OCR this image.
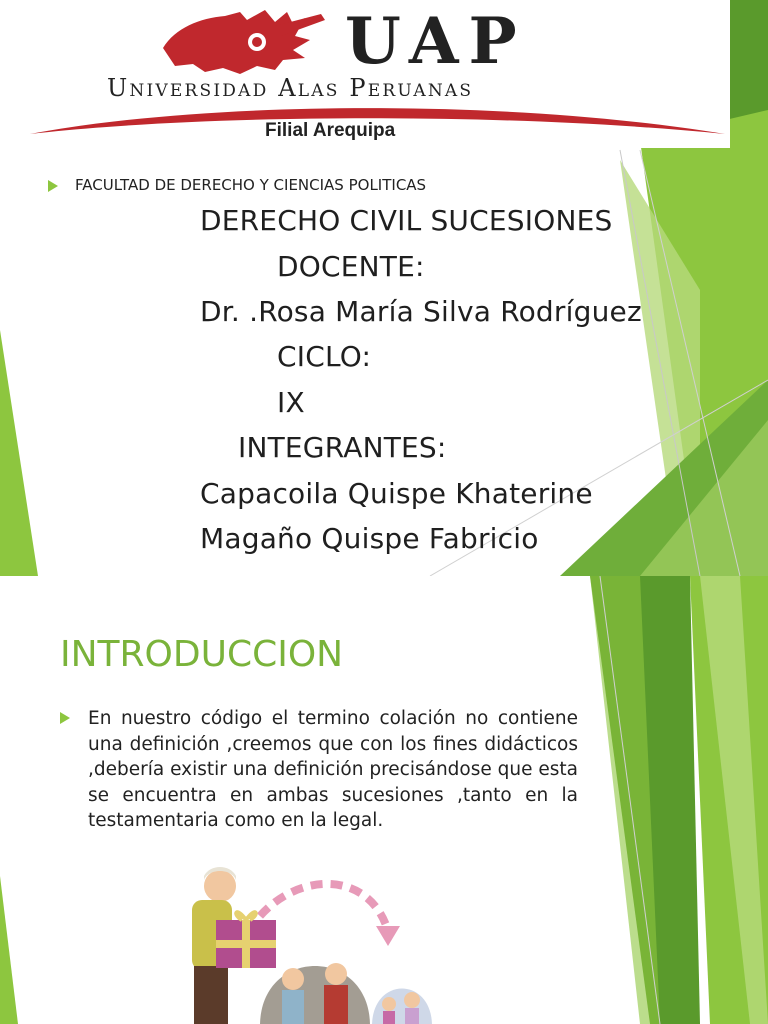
UAP
Universidad Alas Peruanas
Filial Arequipa
FACULTAD DE DERECHO Y CIENCIAS POLITICAS
DERECHO CIVIL SUCESIONES
DOCENTE:
Dr. .Rosa María Silva Rodríguez
CICLO:
IX
INTEGRANTES:
Capacoila Quispe Khaterine
Magaño Quispe Fabricio
INTRODUCCION
En nuestro código el termino colación no contiene una definición ,creemos que con los fines didácticos ,debería existir una definición precisándose que esta se encuentra en ambas sucesiones ,tanto en la testamentaria como en la legal.
